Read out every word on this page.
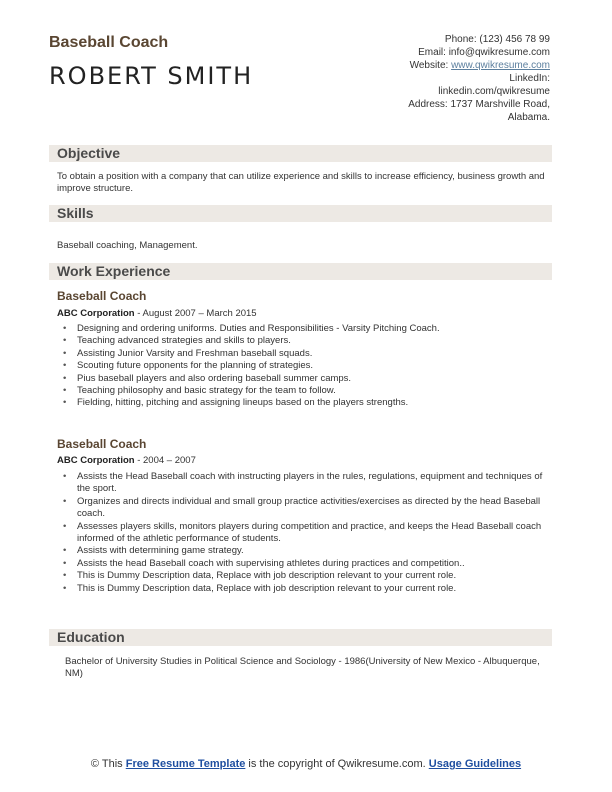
Baseball Coach
ROBERT SMITH
Phone: (123) 456 78 99
Email: info@qwikresume.com
Website: www.qwikresume.com
LinkedIn:
linkedin.com/qwikresume
Address: 1737 Marshville Road,
Alabama.
Objective
To obtain a position with a company that can utilize experience and skills to increase efficiency, business growth and improve structure.
Skills
Baseball coaching, Management.
Work Experience
Baseball Coach
ABC Corporation - August 2007 – March 2015
• Designing and ordering uniforms. Duties and Responsibilities - Varsity Pitching Coach.
• Teaching advanced strategies and skills to players.
• Assisting Junior Varsity and Freshman baseball squads.
• Scouting future opponents for the planning of strategies.
• Pius baseball players and also ordering baseball summer camps.
• Teaching philosophy and basic strategy for the team to follow.
• Fielding, hitting, pitching and assigning lineups based on the players strengths.
Baseball Coach
ABC Corporation - 2004 – 2007
• Assists the Head Baseball coach with instructing players in the rules, regulations, equipment and techniques of the sport.
• Organizes and directs individual and small group practice activities/exercises as directed by the head Baseball coach.
• Assesses players skills, monitors players during competition and practice, and keeps the Head Baseball coach informed of the athletic performance of students.
• Assists with determining game strategy.
• Assists the head Baseball coach with supervising athletes during practices and competition..
• This is Dummy Description data, Replace with job description relevant to your current role.
• This is Dummy Description data, Replace with job description relevant to your current role.
Education
Bachelor of University Studies in Political Science and Sociology - 1986(University of New Mexico - Albuquerque, NM)
© This Free Resume Template is the copyright of Qwikresume.com. Usage Guidelines
